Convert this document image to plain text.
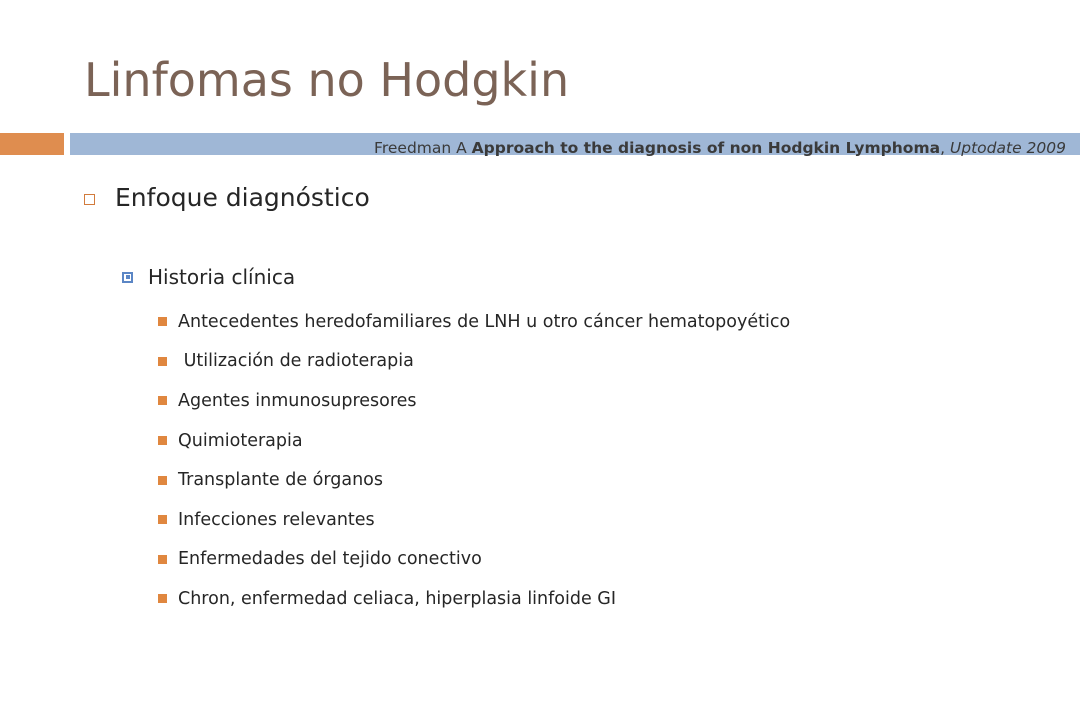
Linfomas no Hodgkin

Freedman A Approach to the diagnosis of non Hodgkin Lymphoma, Uptodate 2009

Enfoque diagnóstico
Historia clínica
Antecedentes heredofamiliares de LNH u otro cáncer hematopoyético
Utilización de radioterapia
Agentes inmunosupresores
Quimioterapia
Transplante de órganos
Infecciones relevantes
Enfermedades del tejido conectivo
Chron, enfermedad celiaca, hiperplasia linfoide GI
